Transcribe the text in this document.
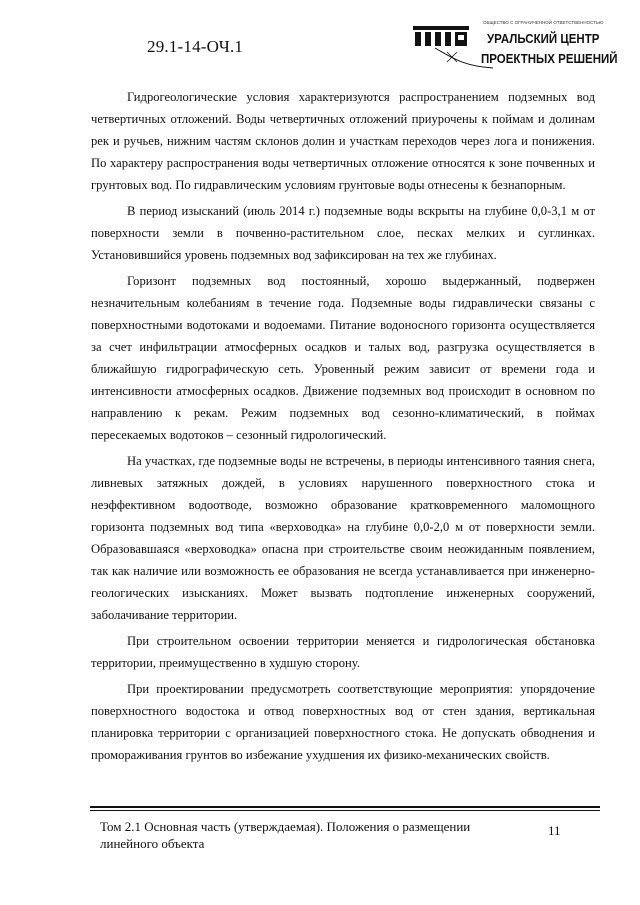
29.1-14-ОЧ.1
ОБЩЕСТВО С ОГРАНИЧЕННОЙ ОТВЕТСТВЕННОСТЬЮ
УРАЛЬСКИЙ ЦЕНТР
ПРОЕКТНЫХ РЕШЕНИЙ

Гидрогеологические условия характеризуются распространением подземных вод четвертичных отложений. Воды четвертичных отложений приурочены к поймам и долинам рек и ручьев, нижним частям склонов долин и участкам переходов через лога и понижения. По характеру распространения воды четвертичных отложение относятся к зоне почвенных и грунтовых вод. По гидравлическим условиям грунтовые воды отнесены к безнапорным.

В период изысканий (июль 2014 г.) подземные воды вскрыты на глубине 0,0-3,1 м от поверхности земли в почвенно-растительном слое, песках мелких и суглинках. Установившийся уровень подземных вод зафиксирован на тех же глубинах.

Горизонт подземных вод постоянный, хорошо выдержанный, подвержен незначительным колебаниям в течение года. Подземные воды гидравлически связаны с поверхностными водотоками и водоемами. Питание водоносного горизонта осуществляется за счет инфильтрации атмосферных осадков и талых вод, разгрузка осуществляется в ближайшую гидрографическую сеть. Уровенный режим зависит от времени года и интенсивности атмосферных осадков. Движение подземных вод происходит в основном по направлению к рекам. Режим подземных вод сезонно-климатический, в поймах пересекаемых водотоков – сезонный гидрологический.

На участках, где подземные воды не встречены, в периоды интенсивного таяния снега, ливневых затяжных дождей, в условиях нарушенного поверхностного стока и неэффективном водоотводе, возможно образование кратковременного маломощного горизонта подземных вод типа «верховодка» на глубине 0,0-2,0 м от поверхности земли. Образовавшаяся «верховодка» опасна при строительстве своим неожиданным появлением, так как наличие или возможность ее образования не всегда устанавливается при инженерно-геологических изысканиях. Может вызвать подтопление инженерных сооружений, заболачивание территории.

При строительном освоении территории меняется и гидрологическая обстановка территории, преимущественно в худшую сторону.

При проектировании предусмотреть соответствующие мероприятия: упорядочение поверхностного водостока и отвод поверхностных вод от стен здания, вертикальная планировка территории с организацией поверхностного стока. Не допускать обводнения и промораживания грунтов во избежание ухудшения их физико-механических свойств.

Том 2.1 Основная часть (утверждаемая). Положения о размещении линейного объекта
11
